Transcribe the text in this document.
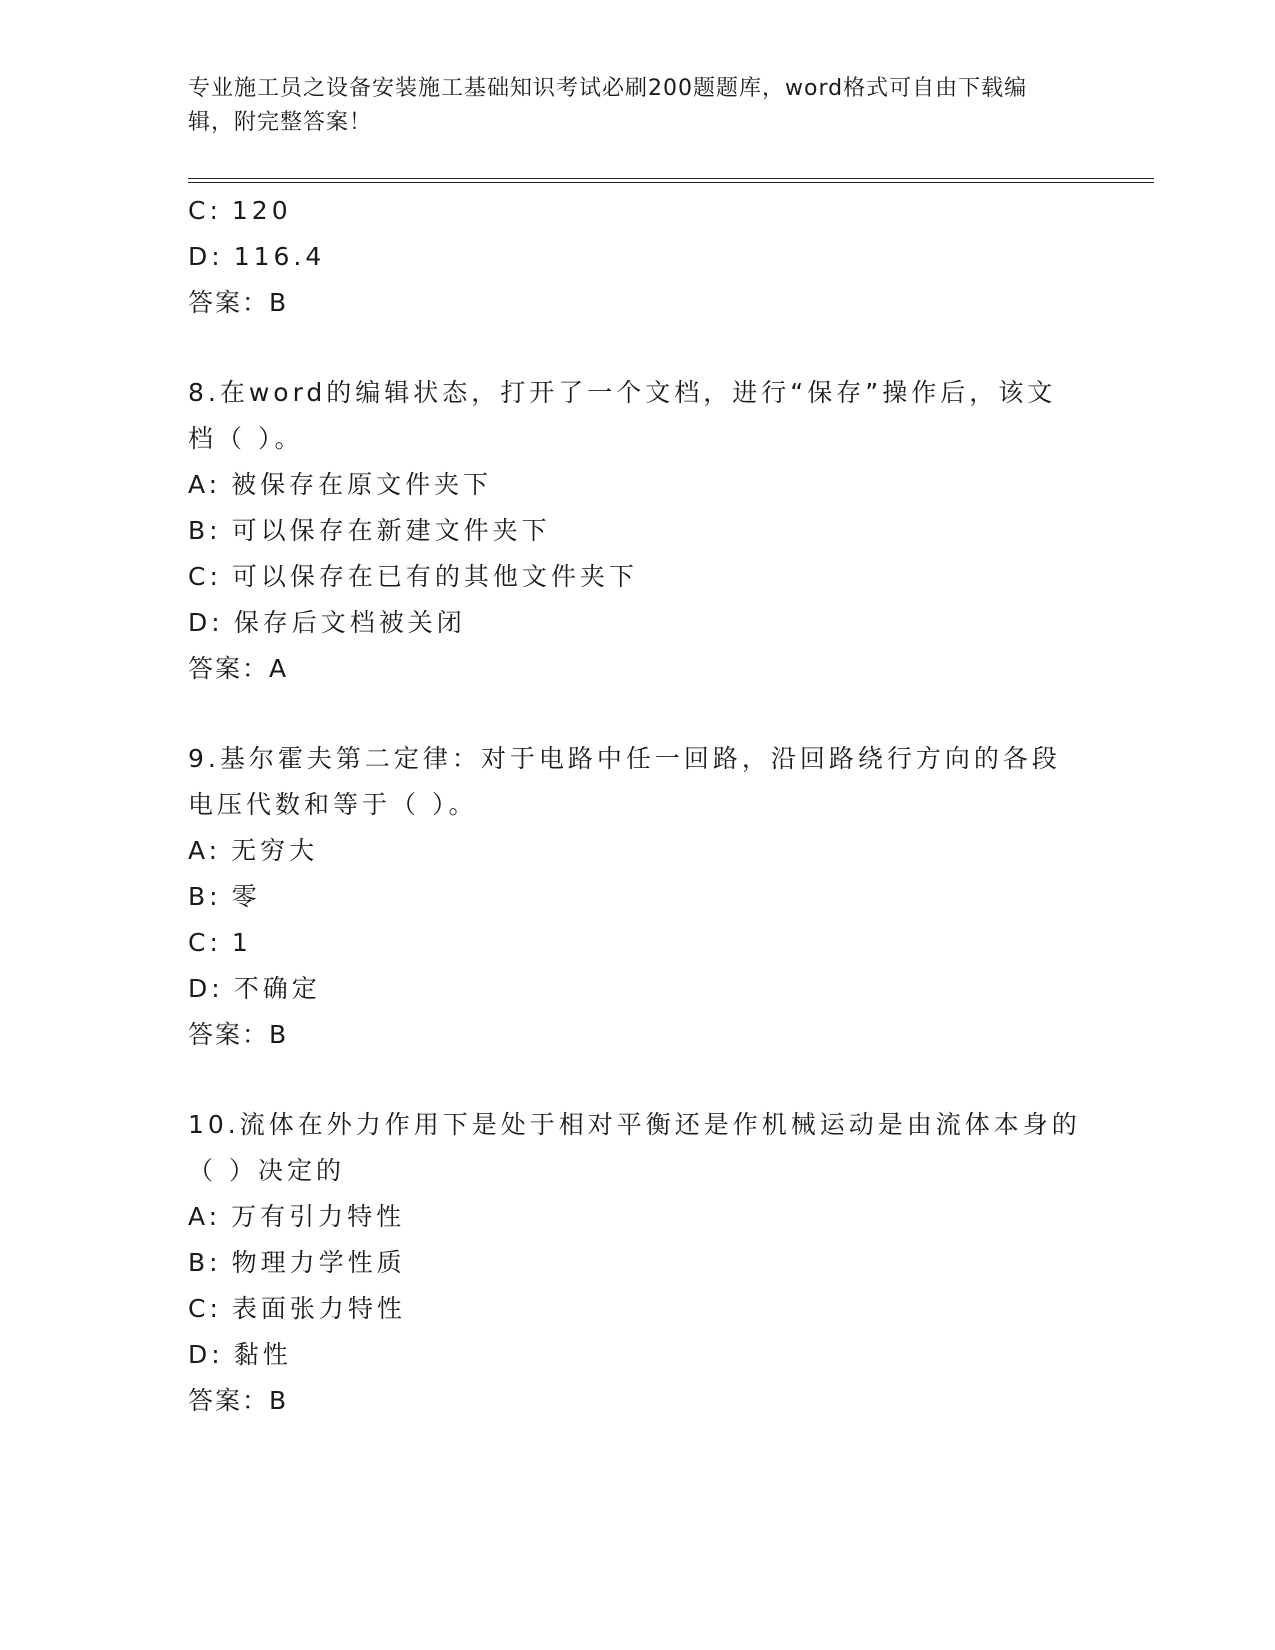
专业施工员之设备安装施工基础知识考试必刷200题题库，word格式可自由下载编辑，附完整答案！
C: 120
D: 116.4
答案：B
8.在word的编辑状态，打开了一个文档，进行“保存”操作后，该文
档（ ）。
A: 被保存在原文件夹下
B: 可以保存在新建文件夹下
C: 可以保存在已有的其他文件夹下
D: 保存后文档被关闭
答案：A
9.基尔霍夫第二定律：对于电路中任一回路，沿回路绕行方向的各段
电压代数和等于（ ）。
A: 无穷大
B: 零
C: 1
D: 不确定
答案：B
10.流体在外力作用下是处于相对平衡还是作机械运动是由流体本身的
（ ）决定的
A: 万有引力特性
B: 物理力学性质
C: 表面张力特性
D: 黏性
答案：B
